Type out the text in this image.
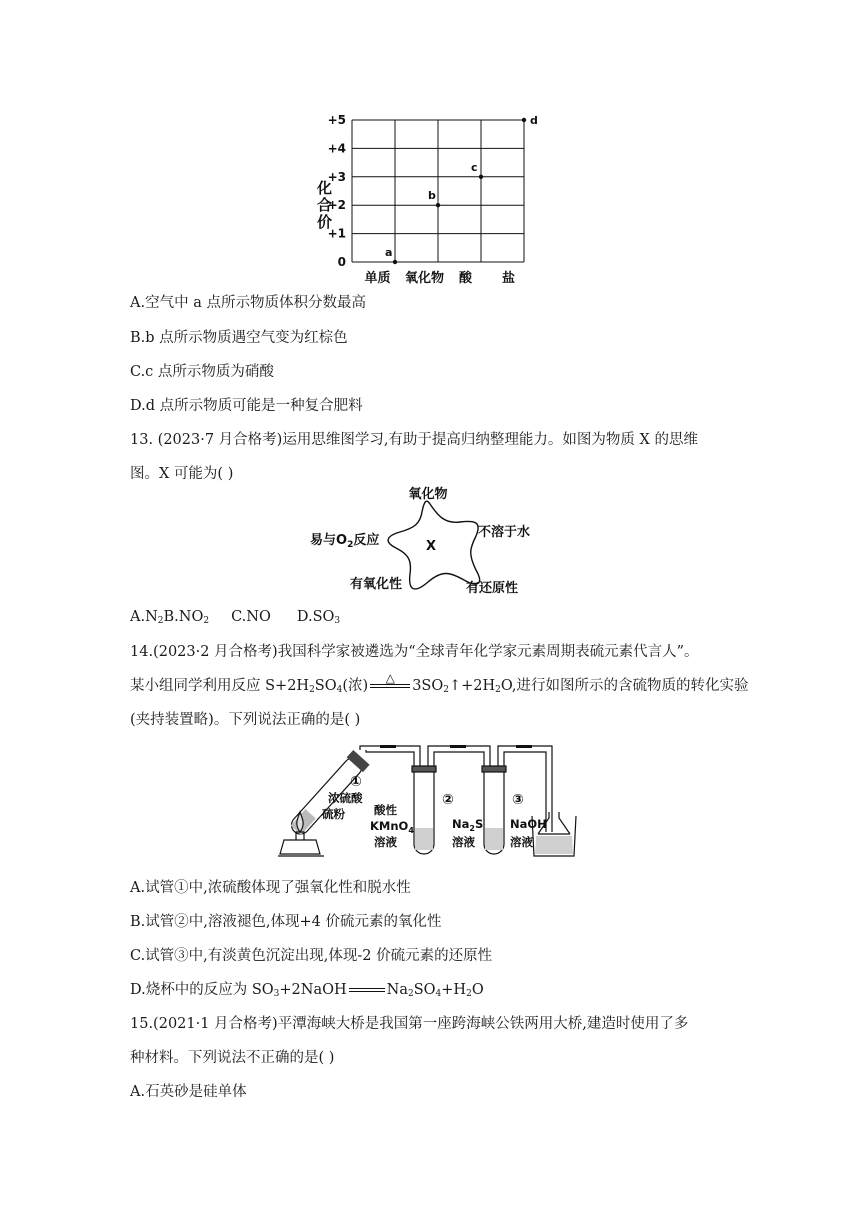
0
+1
+2
+3
+4
+5
单质 氧化物 酸 盐
a
b
c
d
化合价
A.空气中 a 点所示物质体积分数最高
B.b 点所示物质遇空气变为红棕色
C.c 点所示物质为硝酸
D.d 点所示物质可能是一种复合肥料
13. (2023·7 月合格考)运用思维图学习,有助于提高归纳整理能力。如图为物质 X 的思维
图。X 可能为( )
X
氧化物
易与$O_2$反应
不溶于水
有氧化性	有还原性
$A.N_2B.NO_2$ C.NO $D.SO_3$
14.(2023·2 月合格考)我国科学家被遴选为“全球青年化学家元素周期表硫元素代言人”。
某小组同学利用反应 $S+2H_2SO_4$(浓)	△	$3SO_2↑+2H_2O$,进行如图所示的含硫物质的转化实验
(夹持装置略)。下列说法正确的是( )
①
浓硫酸
硫粉
②	③
酸性
KMnO$_4$
溶液
$Na_2S$
溶液
NaOH
溶液
A.试管①中,浓硫酸体现了强氧化性和脱水性
B.试管②中,溶液褪色,体现+4 价硫元素的氧化性
C.试管③中,有淡黄色沉淀出现,体现-2 价硫元素的还原性
D.烧杯中的反应为 $SO_3+2NaOH$	$Na_2SO_4+H_2O$
15.(2021·1 月合格考)平潭海峡大桥是我国第一座跨海峡公铁两用大桥,建造时使用了多
种材料。下列说法不正确的是( )
A.石英砂是硅单体
